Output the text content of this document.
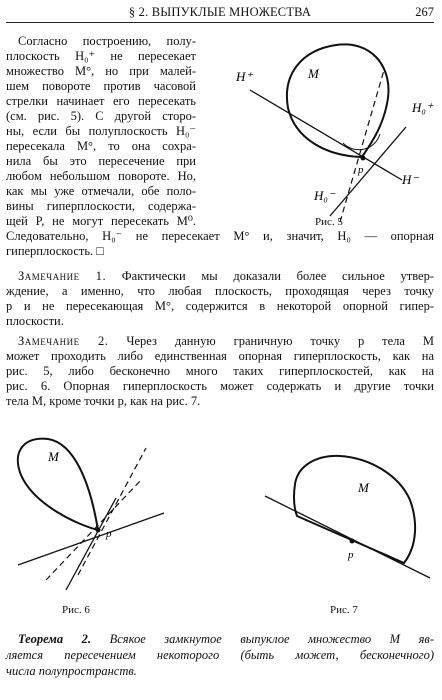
§ 2. ВЫПУКЛЫЕ МНОЖЕСТВА	267
Согласно построению, полу-
плоскость H₀⁺ не пересекает
множество M°, но при малей-
шем повороте против часовой
стрелки начинает его пересекать
(см. рис. 5). С другой сторо-
ны, если бы полуплоскость H₀⁻
пересекала M°, то она сохра-
нила бы это пересечение при
любом небольшом повороте. Но,
как мы уже отмечали, обе поло-
вины гиперплоскости, содержа-
щей P, не могут пересекать M⁰.
Следовательно, H₀⁻ не пересекает M° и, значит, H₀ — опорная
гиперплоскость. □
Замечание 1. Фактически мы доказали более сильное утвер-
ждение, а именно, что любая плоскость, проходящая через точку
p и не пересекающая M°, содержится в некоторой опорной гипер-
плоскости.
Замечание 2. Через данную граничную точку p тела M
может проходить либо единственная опорная гиперплоскость, как на
рис. 5, либо бесконечно много таких гиперплоскостей, как на
рис. 6. Опорная гиперплоскость может содержать и другие точки
тела M, кроме точки p, как на рис. 7.
M
H⁺
H₀⁺
H₀⁻
H⁻
p
Рис. 5
M
p
Рис. 6
M
p
Рис. 7
Теорема 2. Всякое замкнутое выпуклое множество M яв-
ляется пересечением некоторого (быть может, бесконечного)
числа полупространств.
